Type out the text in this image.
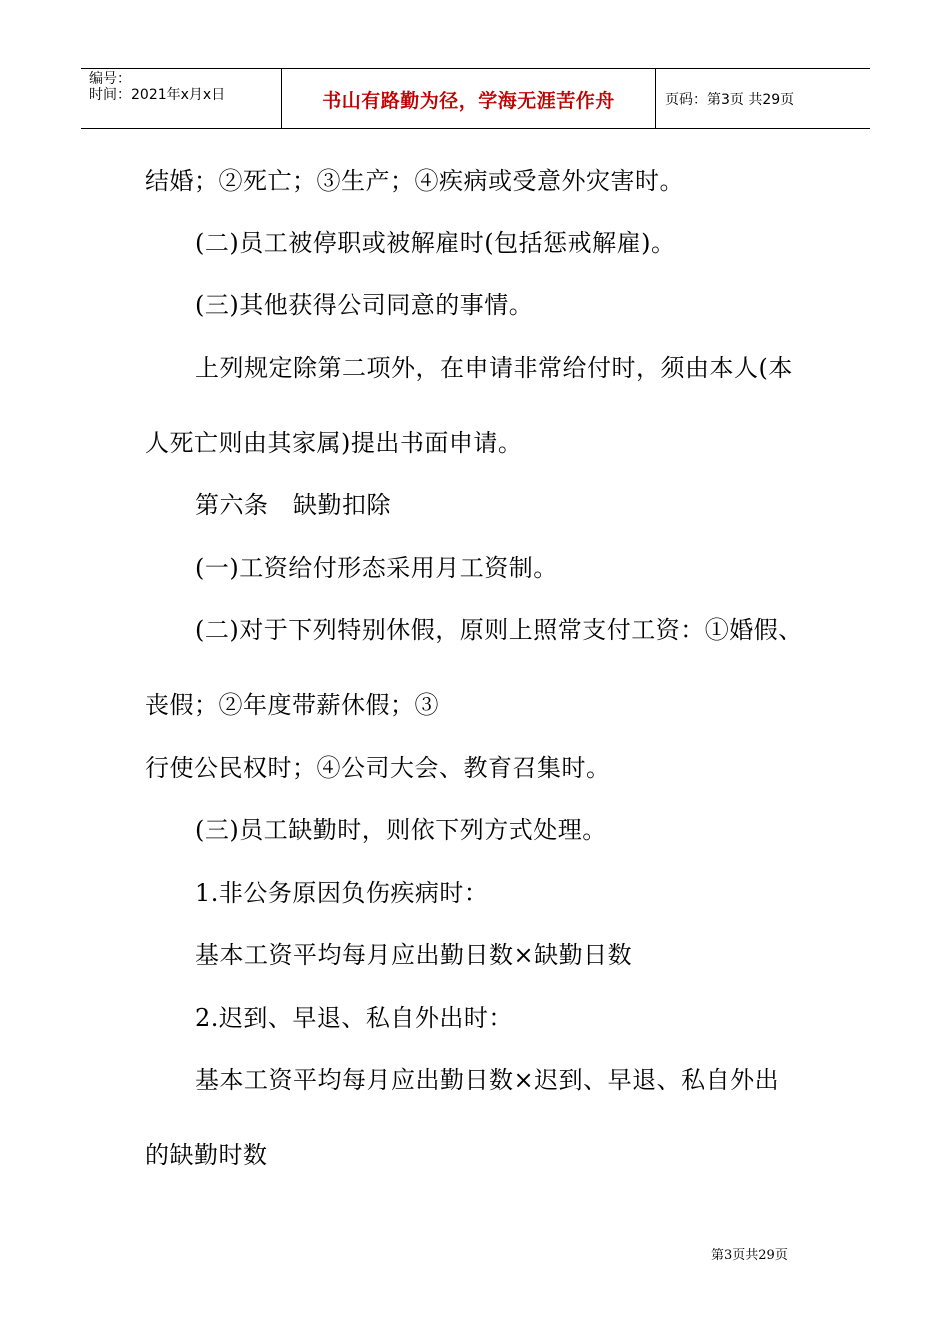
编号：
时间：2021年x月x日	书山有路勤为径，学海无涯苦作舟	页码：第3页 共29页

结婚；②死亡；③生产；④疾病或受意外灾害时。

(二)员工被停职或被解雇时(包括惩戒解雇)。

(三)其他获得公司同意的事情。

上列规定除第二项外，在申请非常给付时，须由本人(本

人死亡则由其家属)提出书面申请。

第六条　缺勤扣除

(一)工资给付形态采用月工资制。

(二)对于下列特别休假，原则上照常支付工资：①婚假、

丧假；②年度带薪休假；③

行使公民权时；④公司大会、教育召集时。

(三)员工缺勤时，则依下列方式处理。

1.非公务原因负伤疾病时：

基本工资平均每月应出勤日数×缺勤日数

2.迟到、早退、私自外出时：

基本工资平均每月应出勤日数×迟到、早退、私自外出

的缺勤时数

第3页共29页
